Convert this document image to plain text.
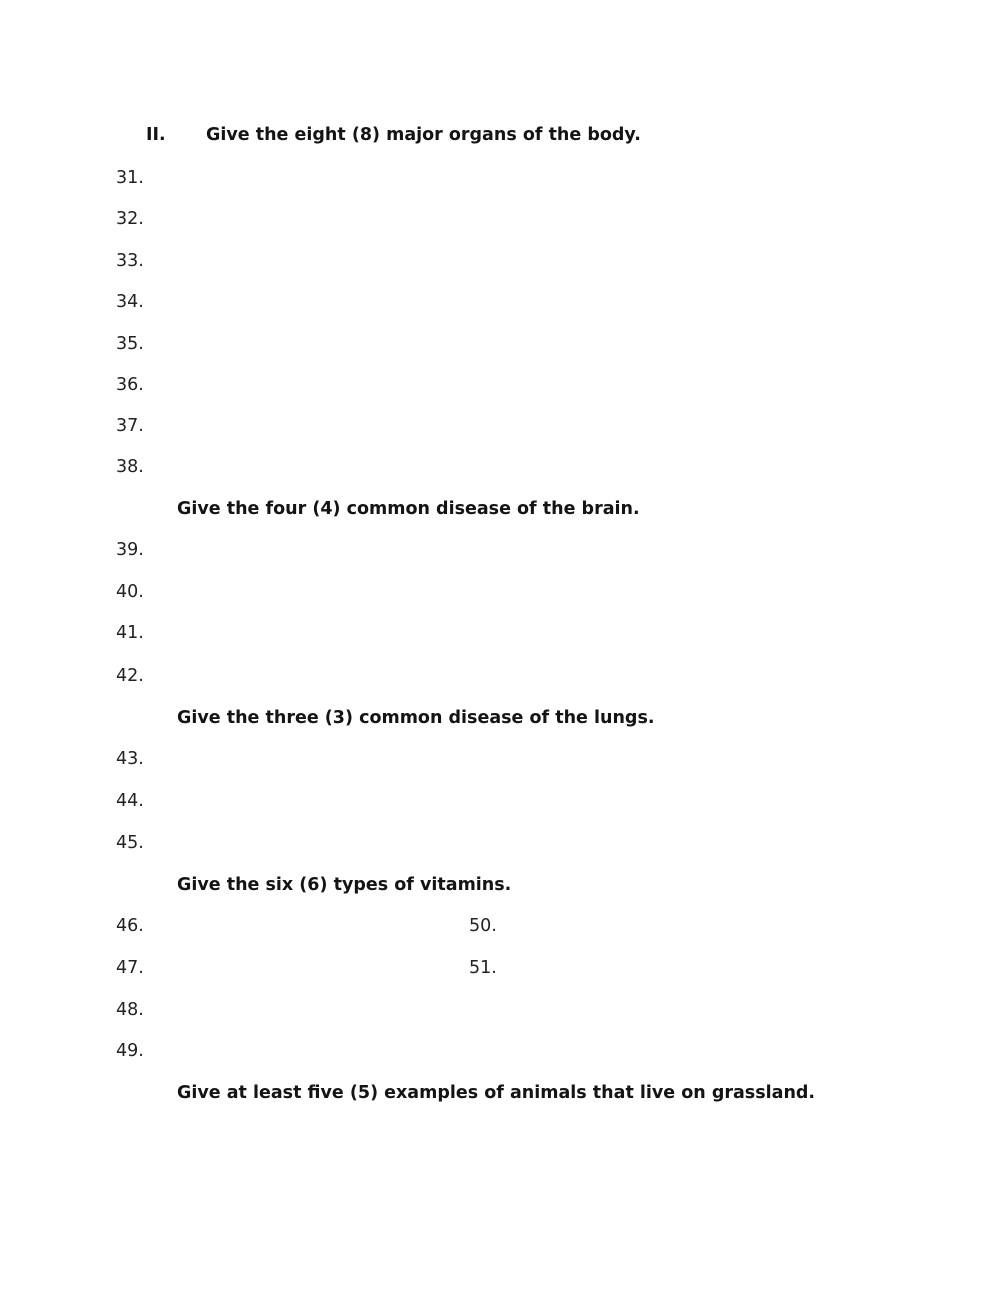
II. Give the eight (8) major organs of the body.
31.
32.
33.
34.
35.
36.
37.
38.
Give the four (4) common disease of the brain.
39.
40.
41.
42.
Give the three (3) common disease of the lungs.
43.
44.
45.
Give the six (6) types of vitamins.
46.	50.
47.	51.
48.
49.
Give at least five (5) examples of animals that live on grassland.
